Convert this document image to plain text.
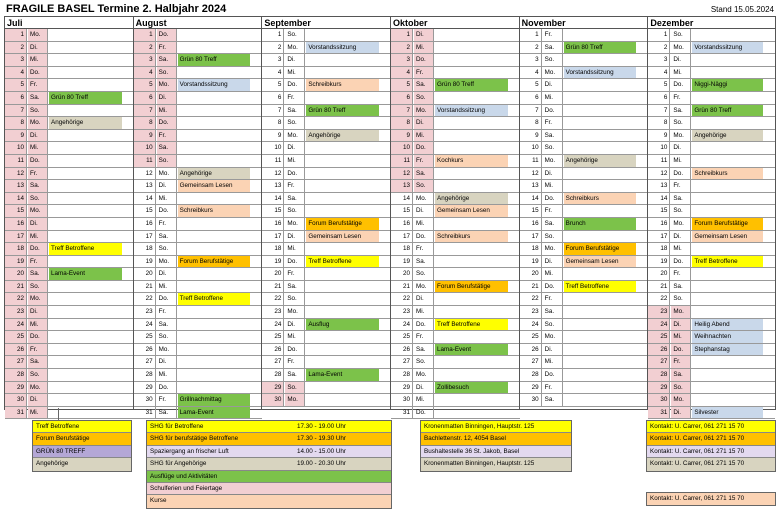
FRAGILE BASEL Termine 2. Halbjahr 2024	Stand 15.05.2024
Juli
1 Mo.
2 Di.
3 Mi.
4 Do.
5 Fr.
6 Sa.	Grün 80 Treff
7 So.
8 Mo.	Angehörige
9 Di.
10 Mi.
11 Do.
12 Fr.
13 Sa.
14 So.
15 Mo.
16 Di.
17 Mi.
18 Do.	Treff Betroffene
19 Fr.
20 Sa.	Lama-Event
21 So.
22 Mo.
23 Di.
24 Mi.
25 Do.
26 Fr.
27 Sa.
28 So.
29 Mo.
30 Di.
31 Mi.
August
1 Do.
2 Fr.
3 Sa.	Grün 80 Treff
4 So.
5 Mo.	Vorstandssitzung
6 Di.
7 Mi.
8 Do.
9 Fr.
10 Sa.
11 So.
12 Mo.	Angehörige
13 Di.	Gemeinsam Lesen
14 Mi.
15 Do.	Schreibkurs
16 Fr.
17 Sa.
18 So.
19 Mo.	Forum Berufstätige
20 Di.
21 Mi.
22 Do.	Treff Betroffene
23 Fr.
24 Sa.
25 So.
26 Mo.
27 Di.
28 Mi.
29 Do.
30 Fr.	Grillnachmittag
31 Sa.	Lama-Event
September
1 So.
2 Mo.	Vorstandssitzung
3 Di.
4 Mi.
5 Do.	Schreibkurs
6 Fr.
7 Sa.	Grün 80 Treff
8 So.
9 Mo.	Angehörige
10 Di.
11 Mi.
12 Do.
13 Fr.
14 Sa.
15 So.
16 Mo.	Forum Berufstätige
17 Di.	Gemeinsam Lesen
18 Mi.
19 Do.	Treff Betroffene
20 Fr.
21 Sa.
22 So.
23 Mo.
24 Di.	Ausflug
25 Mi.
26 Do.
27 Fr.
28 Sa.	Lama-Event
29 So.
30 Mo.
Oktober
1 Di.
2 Mi.
3 Do.
4 Fr.
5 Sa.	Grün 80 Treff
6 So.
7 Mo.	Vorstandssitzung
8 Di.
9 Mi.
10 Do.
11 Fr.	Kochkurs
12 Sa.
13 So.
14 Mo.	Angehörige
15 Di.	Gemeinsam Lesen
16 Mi.
17 Do.	Schreibkurs
18 Fr.
19 Sa.
20 So.
21 Mo.	Forum Berufstätige
22 Di.
23 Mi.
24 Do.	Treff Betroffene
25 Fr.
26 Sa.	Lama-Event
27 So.
28 Mo.
29 Di.	Zollibesuch
30 Mi.
31 Do.
November
1 Fr.
2 Sa.	Grün 80 Treff
3 So.
4 Mo.	Vorstandssitzung
5 Di.
6 Mi.
7 Do.
8 Fr.
9 Sa.
10 So.
11 Mo.	Angehörige
12 Di.
13 Mi.
14 Do.	Schreibkurs
15 Fr.
16 Sa.	Brunch
17 So.
18 Mo.	Forum Berufstätige
19 Di.	Gemeinsam Lesen
20 Mi.
21 Do.	Treff Betroffene
22 Fr.
23 Sa.
24 So.
25 Mo.
26 Di.
27 Mi.
28 Do.
29 Fr.
30 Sa.
Dezember
1 So.
2 Mo.	Vorstandssitzung
3 Di.
4 Mi.
5 Do.	Niggi-Näggi
6 Fr.
7 Sa.	Grün 80 Treff
8 So.
9 Mo.	Angehörige
10 Di.
11 Mi.
12 Do.	Schreibkurs
13 Fr.
14 Sa.
15 So.
16 Mo.	Forum Berufstätige
17 Di.	Gemeinsam Lesen
18 Mi.
19 Do.	Treff Betroffene
20 Fr.
21 Sa.
22 So.
23 Mo.
24 Di.	Heilig Abend
25 Mi.	Weihnachten
26 Do.	Stephanstag
27 Fr.
28 Sa.
29 So.
30 Mo.
31 Di.	Silvester
Treff Betroffene
Forum Berufstätige
GRÜN 80 TREFF
Angehörige
SHG für Betroffene	17.30 - 19.00 Uhr
SHG für berufstätige Betroffene	17.30 - 19.30 Uhr
Spaziergang an frischer Luft	14.00 - 15.00 Uhr
SHG für Angehörige	19.00 - 20.30 Uhr
Ausflüge und Aktivitäten
Schulferien und Feiertage
Kurse
Kronenmatten Binningen, Hauptstr. 125
Bachlettenstr. 12, 4054 Basel
Bushaltestelle 36 St. Jakob, Basel
Kronenmatten Binningen, Hauptstr. 125
Kontakt: U. Carrer, 061 271 15 70
Kontakt: U. Carrer, 061 271 15 70
Kontakt: U. Carrer, 061 271 15 70
Kontakt: U. Carrer, 061 271 15 70
Kontakt: U. Carrer, 061 271 15 70
